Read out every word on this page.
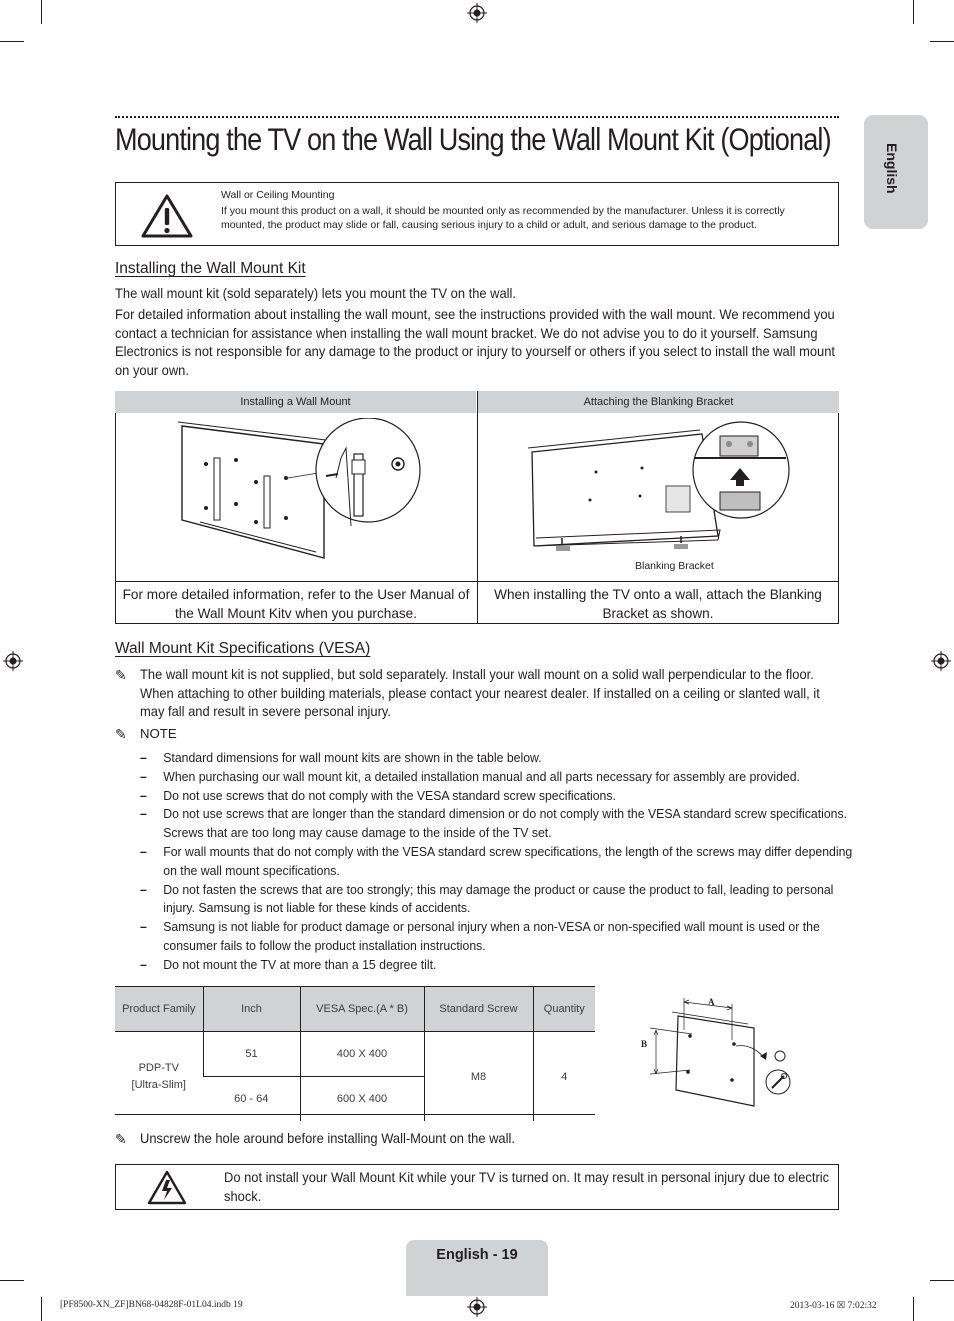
Mounting the TV on the Wall Using the Wall Mount Kit (Optional)
English
Wall or Ceiling Mounting
If you mount this product on a wall, it should be mounted only as recommended by the manufacturer. Unless it is correctly mounted, the product may slide or fall, causing serious injury to a child or adult, and serious damage to the product.
Installing the Wall Mount Kit
The wall mount kit (sold separately) lets you mount the TV on the wall.
For detailed information about installing the wall mount, see the instructions provided with the wall mount. We recommend you contact a technician for assistance when installing the wall mount bracket. We do not advise you to do it yourself. Samsung Electronics is not responsible for any damage to the product or injury to yourself or others if you select to install the wall mount on your own.
Installing a Wall Mount	Attaching the Blanking Bracket
Blanking Bracket
For more detailed information, refer to the User Manual of the Wall Mount Kitv when you purchase.
When installing the TV onto a wall, attach the Blanking Bracket as shown.
Wall Mount Kit Specifications (VESA)
✎ The wall mount kit is not supplied, but sold separately. Install your wall mount on a solid wall perpendicular to the floor. When attaching to other building materials, please contact your nearest dealer. If installed on a ceiling or slanted wall, it may fall and result in severe personal injury.
✎ NOTE
– Standard dimensions for wall mount kits are shown in the table below.
– When purchasing our wall mount kit, a detailed installation manual and all parts necessary for assembly are provided.
– Do not use screws that do not comply with the VESA standard screw specifications.
– Do not use screws that are longer than the standard dimension or do not comply with the VESA standard screw specifications. Screws that are too long may cause damage to the inside of the TV set.
– For wall mounts that do not comply with the VESA standard screw specifications, the length of the screws may differ depending on the wall mount specifications.
– Do not fasten the screws that are too strongly; this may damage the product or cause the product to fall, leading to personal injury. Samsung is not liable for these kinds of accidents.
– Samsung is not liable for product damage or personal injury when a non-VESA or non-specified wall mount is used or the consumer fails to follow the product installation instructions.
– Do not mount the TV at more than a 15 degree tilt.
Product Family	Inch	VESA Spec.(A * B)	Standard Screw	Quantity
PDP-TV
[Ultra-Slim]	51	400 X 400	M8	4
	60 - 64	600 X 400		
A
B
✎ Unscrew the hole around before installing Wall-Mount on the wall.
Do not install your Wall Mount Kit while your TV is turned on. It may result in personal injury due to electric shock.
English - 19
[PF8500-XN_ZF]BN68-04828F-01L04.indb 19	2013-03-16 ☒ 7:02:32
